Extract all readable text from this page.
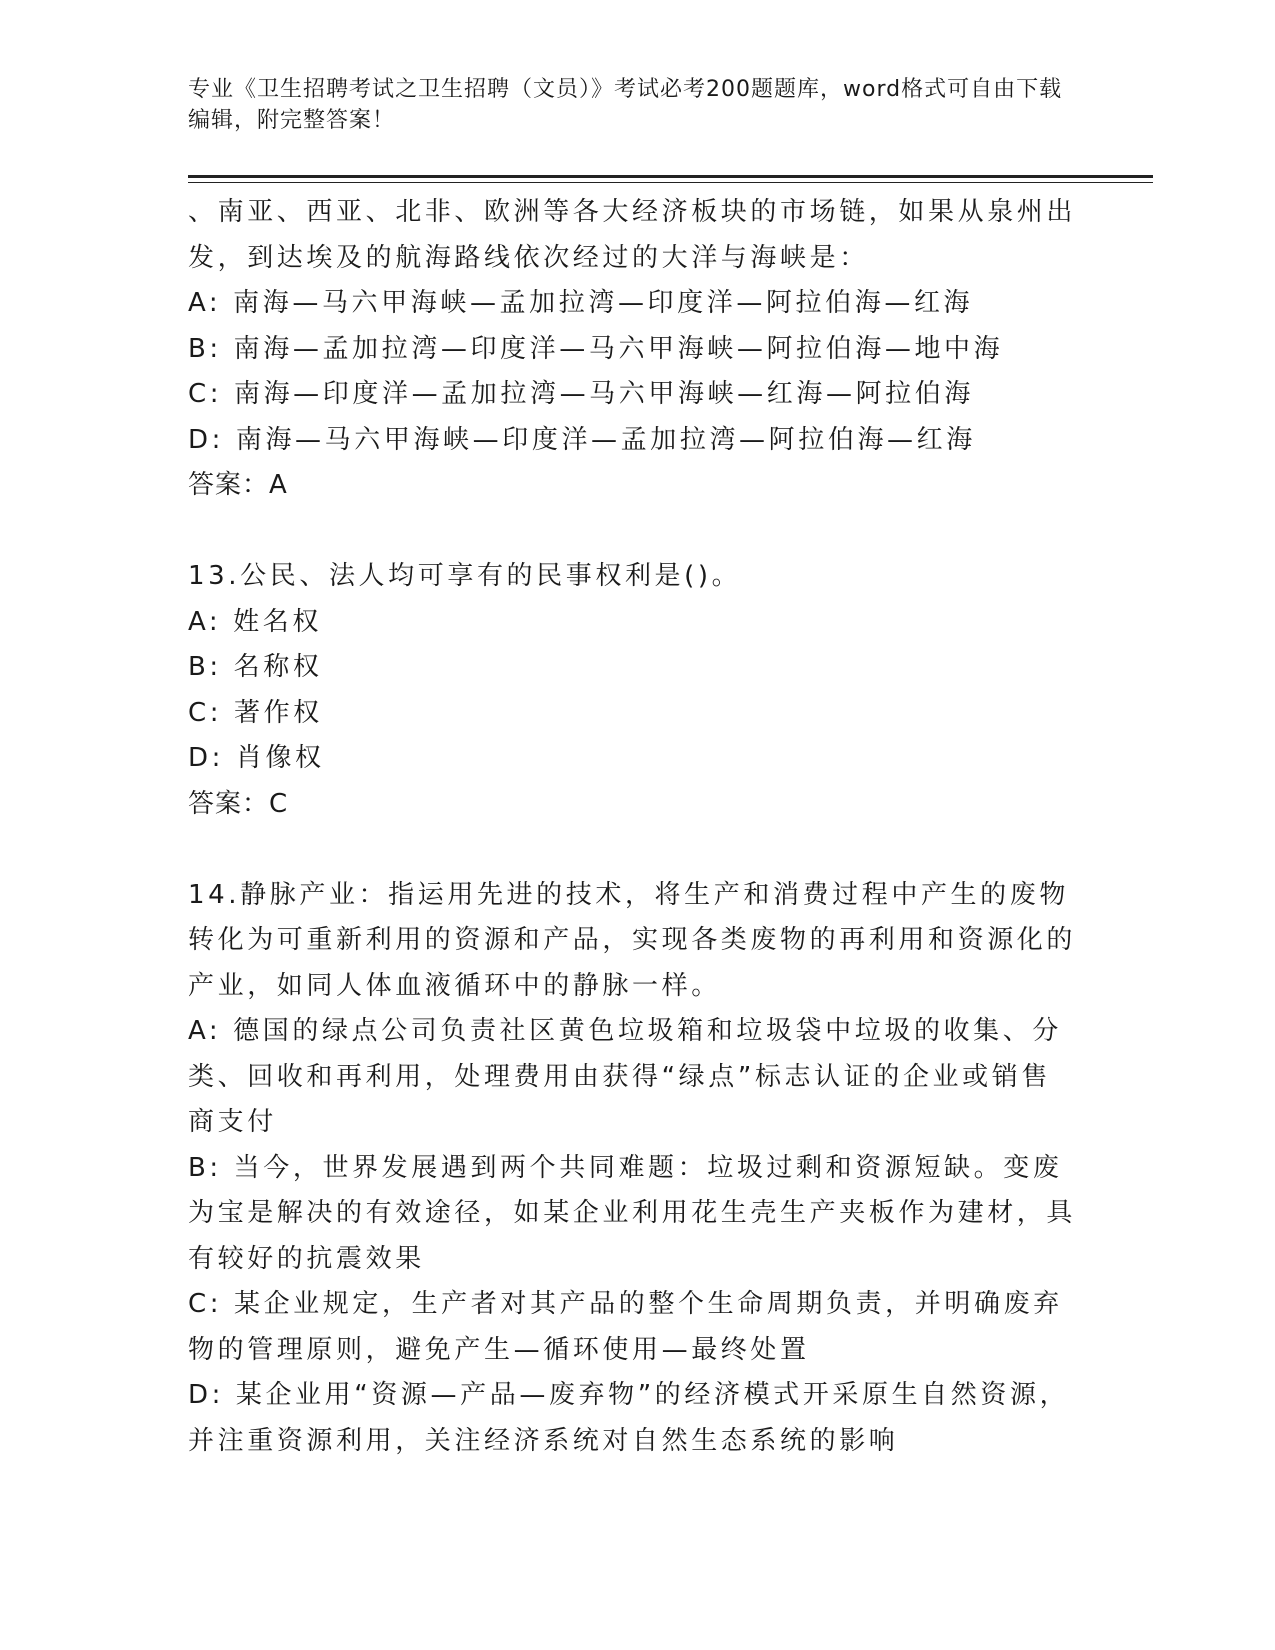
专业《卫生招聘考试之卫生招聘（文员）》考试必考200题题库，word格式可自由下载编辑，附完整答案！

、南亚、西亚、北非、欧洲等各大经济板块的市场链，如果从泉州出发，到达埃及的航海路线依次经过的大洋与海峡是：

A: 南海—马六甲海峡—孟加拉湾—印度洋—阿拉伯海—红海

B: 南海—孟加拉湾—印度洋—马六甲海峡—阿拉伯海—地中海

C: 南海—印度洋—孟加拉湾—马六甲海峡—红海—阿拉伯海

D: 南海—马六甲海峡—印度洋—孟加拉湾—阿拉伯海—红海

答案：A

13.公民、法人均可享有的民事权利是()。

A: 姓名权

B: 名称权

C: 著作权

D: 肖像权

答案：C

14.静脉产业：指运用先进的技术，将生产和消费过程中产生的废物转化为可重新利用的资源和产品，实现各类废物的再利用和资源化的产业，如同人体血液循环中的静脉一样。

A: 德国的绿点公司负责社区黄色垃圾箱和垃圾袋中垃圾的收集、分类、回收和再利用，处理费用由获得“绿点”标志认证的企业或销售商支付

B: 当今，世界发展遇到两个共同难题：垃圾过剩和资源短缺。变废为宝是解决的有效途径，如某企业利用花生壳生产夹板作为建材，具有较好的抗震效果

C: 某企业规定，生产者对其产品的整个生命周期负责，并明确废弃物的管理原则，避免产生—循环使用—最终处置

D: 某企业用“资源—产品—废弃物”的经济模式开采原生自然资源，并注重资源利用，关注经济系统对自然生态系统的影响
